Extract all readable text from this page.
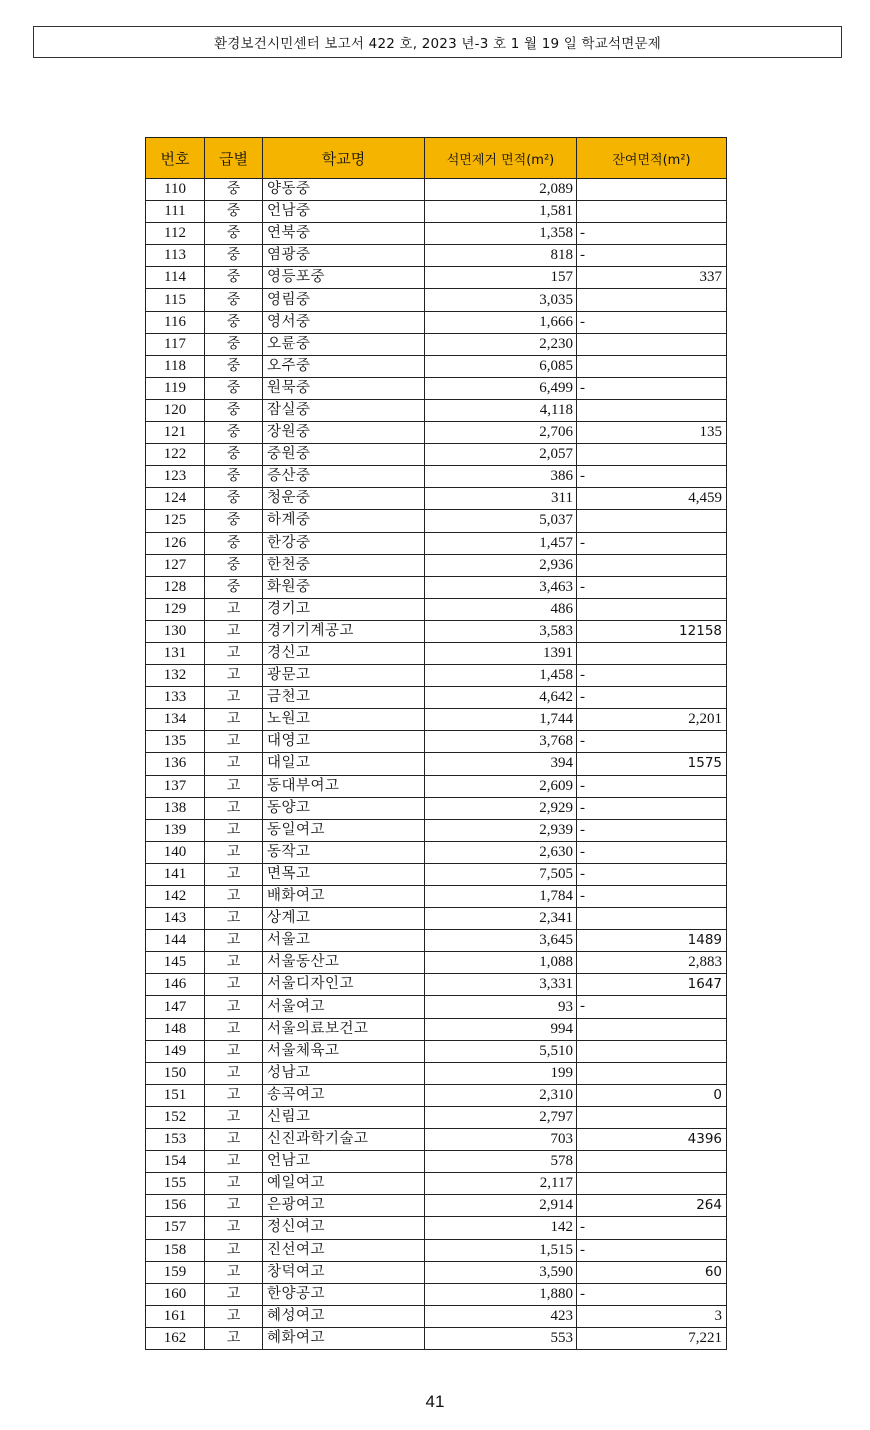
환경보건시민센터 보고서 422 호, 2023 년-3 호 1 월 19 일 학교석면문제
번호	급별	학교명	석면제거 면적(m²)	잔여면적(m²)
110	중	양동중	2,089	
111	중	언남중	1,581	
112	중	연북중	1,358	-

113	중	염광중	818	-

114	중	영등포중	157	337
115	중	영림중	3,035	
116	중	영서중	1,666	-

117	중	오륜중	2,230	
118	중	오주중	6,085	
119	중	원묵중	6,499	-

120	중	잠실중	4,118	
121	중	장원중	2,706	135
122	중	중원중	2,057	
123	중	증산중	386	-

124	중	청운중	311	4,459
125	중	하계중	5,037	
126	중	한강중	1,457	-

127	중	한천중	2,936	
128	중	화원중	3,463	-

129	고	경기고	486	
130	고	경기기계공고	3,583	12158
131	고	경신고	1391	
132	고	광문고	1,458	-

133	고	금천고	4,642	-

134	고	노원고	1,744	2,201
135	고	대영고	3,768	-

136	고	대일고	394	1575
137	고	동대부여고	2,609	-

138	고	동양고	2,929	-

139	고	동일여고	2,939	-

140	고	동작고	2,630	-

141	고	면목고	7,505	-

142	고	배화여고	1,784	-

143	고	상계고	2,341	
144	고	서울고	3,645	1489
145	고	서울동산고	1,088	2,883
146	고	서울디자인고	3,331	1647
147	고	서울여고	93	-

148	고	서울의료보건고	994	
149	고	서울체육고	5,510	
150	고	성남고	199	
151	고	송곡여고	2,310	0
152	고	신림고	2,797	
153	고	신진과학기술고	703	4396
154	고	언남고	578	
155	고	예일여고	2,117	
156	고	은광여고	2,914	264
157	고	정신여고	142	-

158	고	진선여고	1,515	-

159	고	창덕여고	3,590	60
160	고	한양공고	1,880	-

161	고	혜성여고	423	3
162	고	혜화여고	553	7,221
41
